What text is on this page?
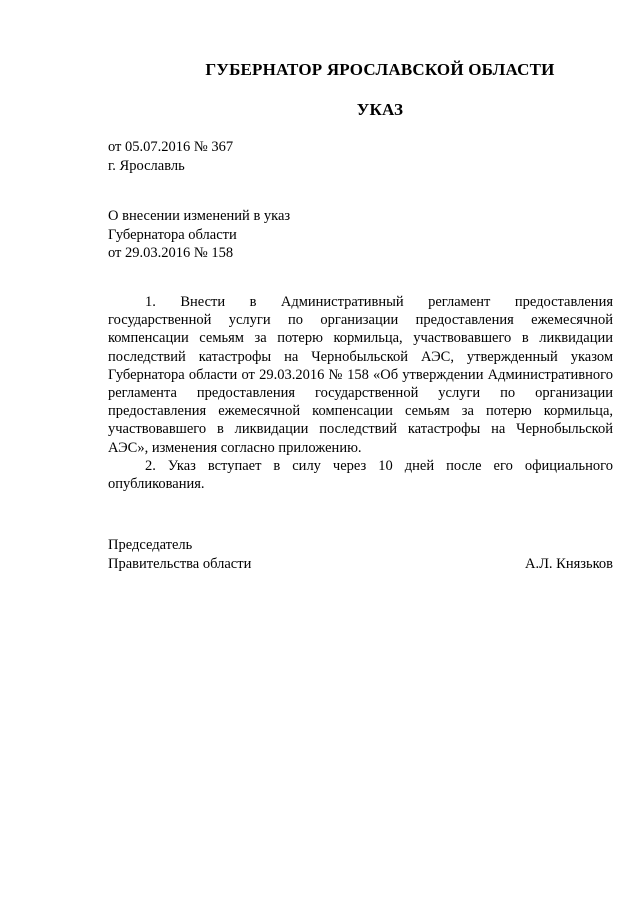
ГУБЕРНАТОР ЯРОСЛАВСКОЙ ОБЛАСТИ
УКАЗ
от 05.07.2016 № 367
г. Ярославль
О внесении изменений в указ
Губернатора области
от 29.03.2016 № 158

1. Внести в Административный регламент предоставления государственной услуги по организации предоставления ежемесячной компенсации семьям за потерю кормильца, участвовавшего в ликвидации последствий катастрофы на Чернобыльской АЭС, утвержденный указом Губернатора области от 29.03.2016 № 158 «Об утверждении Административного регламента предоставления государственной услуги по организации предоставления ежемесячной компенсации семьям за потерю кормильца, участвовавшего в ликвидации последствий катастрофы на Чернобыльской АЭС», изменения согласно приложению.

2. Указ вступает в силу через 10 дней после его официального опубликования.

Председатель
Правительства области	А.Л. Князьков
